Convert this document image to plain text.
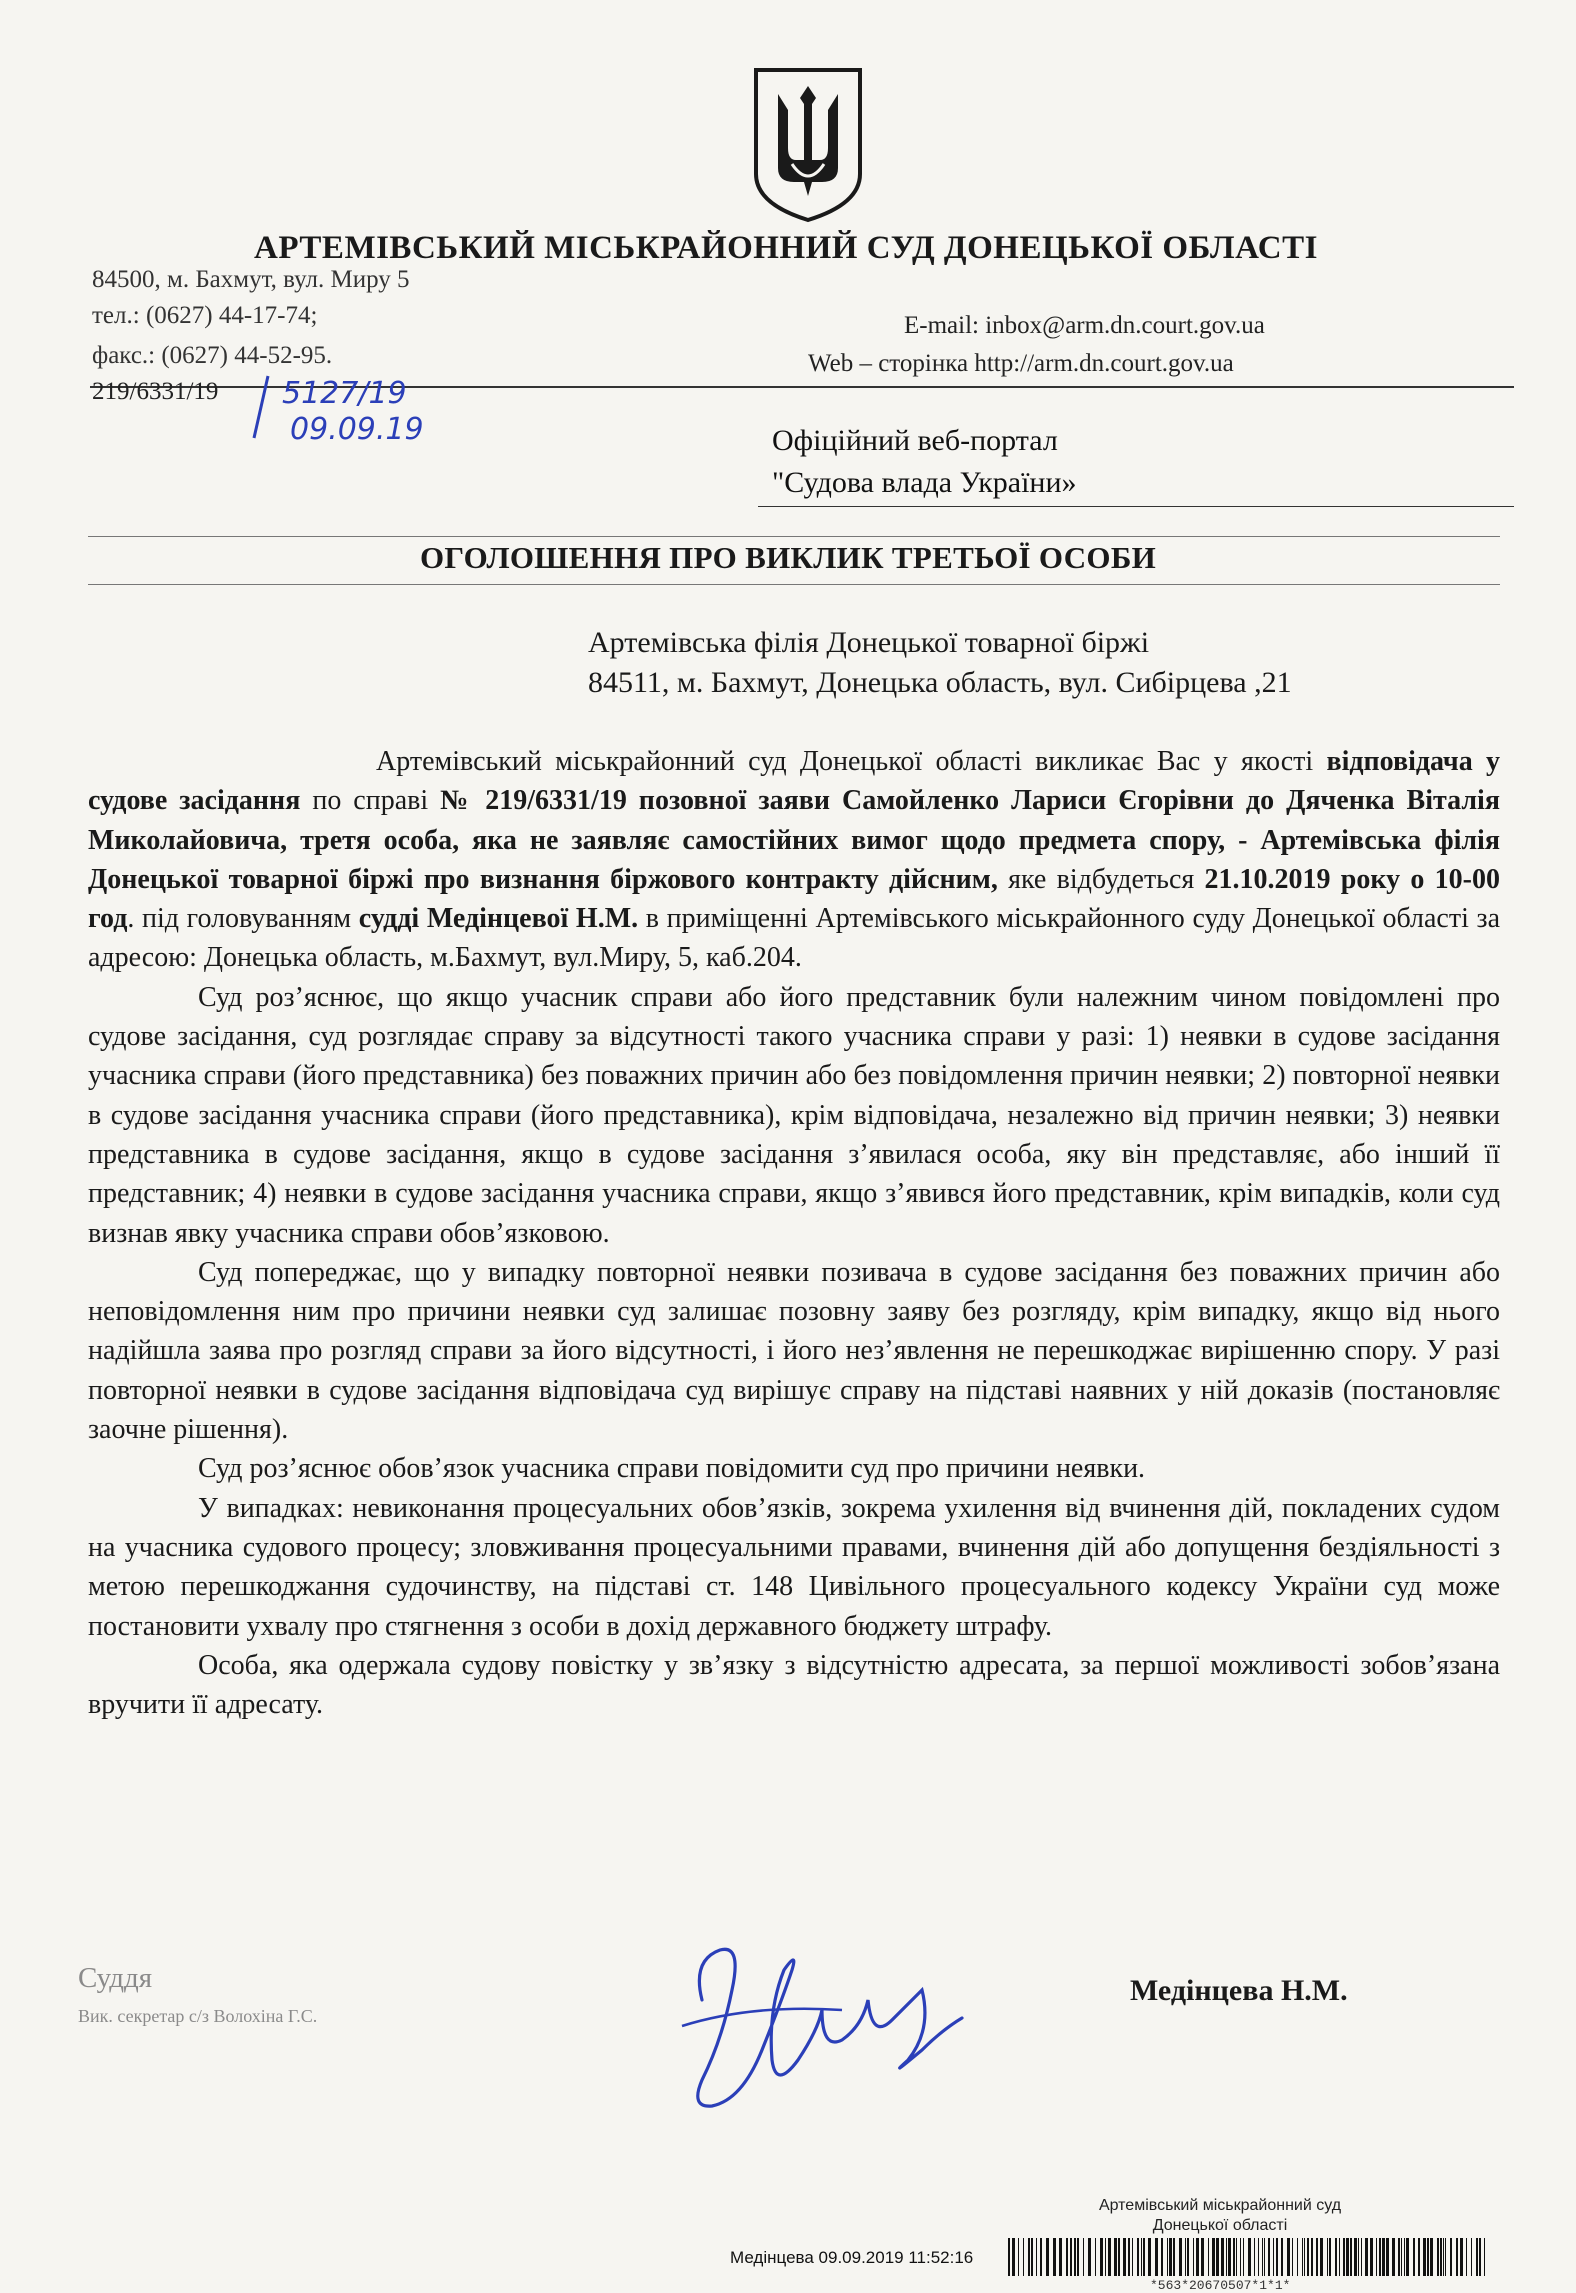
АРТЕМІВСЬКИЙ МІСЬКРАЙОННИЙ СУД ДОНЕЦЬКОЇ ОБЛАСТІ
84500, м. Бахмут, вул. Миру 5
тел.: (0627) 44-17-74;
факс.: (0627) 44-52-95.
E-mail: inbox@arm.dn.court.gov.ua
Web – сторінка http://arm.dn.court.gov.ua
219/6331/19 5127/19
09.09.19	Офіційний веб-портал
"Судова влада України»
ОГОЛОШЕННЯ ПРО ВИКЛИК ТРЕТЬОЇ ОСОБИ
Артемівська філія Донецької товарної біржі
84511, м. Бахмут, Донецька область, вул. Сибірцева ,21

Артемівський міськрайонний суд Донецької області викликає Вас у якості відповідача у судове засідання по справі № 219/6331/19 позовної заяви Самойленко Лариси Єгорівни до Дяченка Віталія Миколайовича, третя особа, яка не заявляє самостійних вимог щодо предмета спору, - Артемівська філія Донецької товарної біржі про визнання біржового контракту дійсним, яке відбудеться 21.10.2019 року о 10-00 год. під головуванням судді Медінцевої Н.М. в приміщенні Артемівського міськрайонного суду Донецької області за адресою: Донецька область, м.Бахмут, вул.Миру, 5, каб.204.

Суд роз’яснює, що якщо учасник справи або його представник були належним чином повідомлені про судове засідання, суд розглядає справу за відсутності такого учасника справи у разі: 1) неявки в судове засідання учасника справи (його представника) без поважних причин або без повідомлення причин неявки; 2) повторної неявки в судове засідання учасника справи (його представника), крім відповідача, незалежно від причин неявки; 3) неявки представника в судове засідання, якщо в судове засідання з’явилася особа, яку він представляє, або інший її представник; 4) неявки в судове засідання учасника справи, якщо з’явився його представник, крім випадків, коли суд визнав явку учасника справи обов’язковою.

Суд попереджає, що у випадку повторної неявки позивача в судове засідання без поважних причин або неповідомлення ним про причини неявки суд залишає позовну заяву без розгляду, крім випадку, якщо від нього надійшла заява про розгляд справи за його відсутності, і його нез’явлення не перешкоджає вирішенню спору. У разі повторної неявки в судове засідання відповідача суд вирішує справу на підставі наявних у ній доказів (постановляє заочне рішення).

Суд роз’яснює обов’язок учасника справи повідомити суд про причини неявки.

У випадках: невиконання процесуальних обов’язків, зокрема ухилення від вчинення дій, покладених судом на учасника судового процесу; зловживання процесуальними правами, вчинення дій або допущення бездіяльності з метою перешкоджання судочинству, на підставі ст. 148 Цивільного процесуального кодексу України суд може постановити ухвалу про стягнення з особи в дохід державного бюджету штрафу.

Особа, яка одержала судову повістку у зв’язку з відсутністю адресата, за першої можливості зобов’язана вручити її адресату.

Суддя
Вик. секретар с/з Волохіна Г.С.
Медінцева Н.М.
Артемівський міськрайонний суд
Донецької області
Медінцева 09.09.2019 11:52:16
*563*20670507*1*1*
